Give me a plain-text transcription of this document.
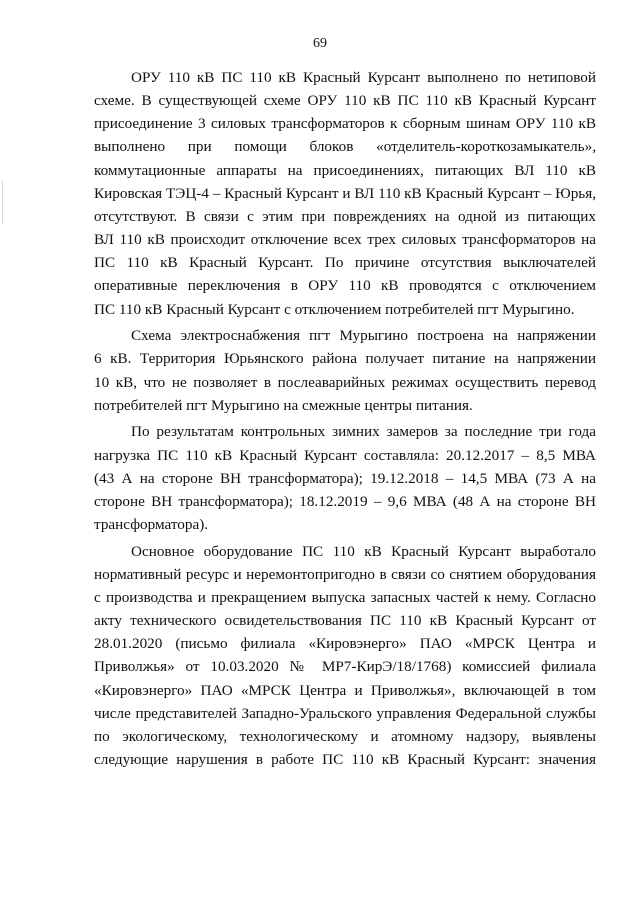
69

ОРУ 110 кВ ПС 110 кВ Красный Курсант выполнено по нетиповой
схеме. В существующей схеме ОРУ 110 кВ ПС 110 кВ Красный Курсант
присоединение 3 силовых трансформаторов к сборным шинам ОРУ 110 кВ
выполнено при помощи блоков «отделитель-короткозамыкатель»,
коммутационные аппараты на присоединениях, питающих ВЛ 110 кВ
Кировская ТЭЦ-4 – Красный Курсант и ВЛ 110 кВ Красный Курсант – Юрья,
отсутствуют. В связи с этим при повреждениях на одной из питающих
ВЛ 110 кВ происходит отключение всех трех силовых трансформаторов на
ПС 110 кВ Красный Курсант. По причине отсутствия выключателей
оперативные переключения в ОРУ 110 кВ проводятся с отключением
ПС 110 кВ Красный Курсант с отключением потребителей пгт Мурыгино.

Схема электроснабжения пгт Мурыгино построена на напряжении
6 кВ. Территория Юрьянского района получает питание на напряжении
10 кВ, что не позволяет в послеаварийных режимах осуществить перевод
потребителей пгт Мурыгино на смежные центры питания.

По результатам контрольных зимних замеров за последние три года
нагрузка ПС 110 кВ Красный Курсант составляла: 20.12.2017 – 8,5 МВА
(43 А на стороне ВН трансформатора); 19.12.2018 – 14,5 МВА (73 А на
стороне ВН трансформатора); 18.12.2019 – 9,6 МВА (48 А на стороне ВН
трансформатора).

Основное оборудование ПС 110 кВ Красный Курсант выработало
нормативный ресурс и неремонтопригодно в связи со снятием оборудования
с производства и прекращением выпуска запасных частей к нему. Согласно
акту технического освидетельствования ПС 110 кВ Красный Курсант от
28.01.2020 (письмо филиала «Кировэнерго» ПАО «МРСК Центра и
Приволжья» от 10.03.2020 № МР7-КирЭ/18/1768) комиссией филиала
«Кировэнерго» ПАО «МРСК Центра и Приволжья», включающей в том
числе представителей Западно-Уральского управления Федеральной службы
по экологическому, технологическому и атомному надзору, выявлены
следующие нарушения в работе ПС 110 кВ Красный Курсант: значения
